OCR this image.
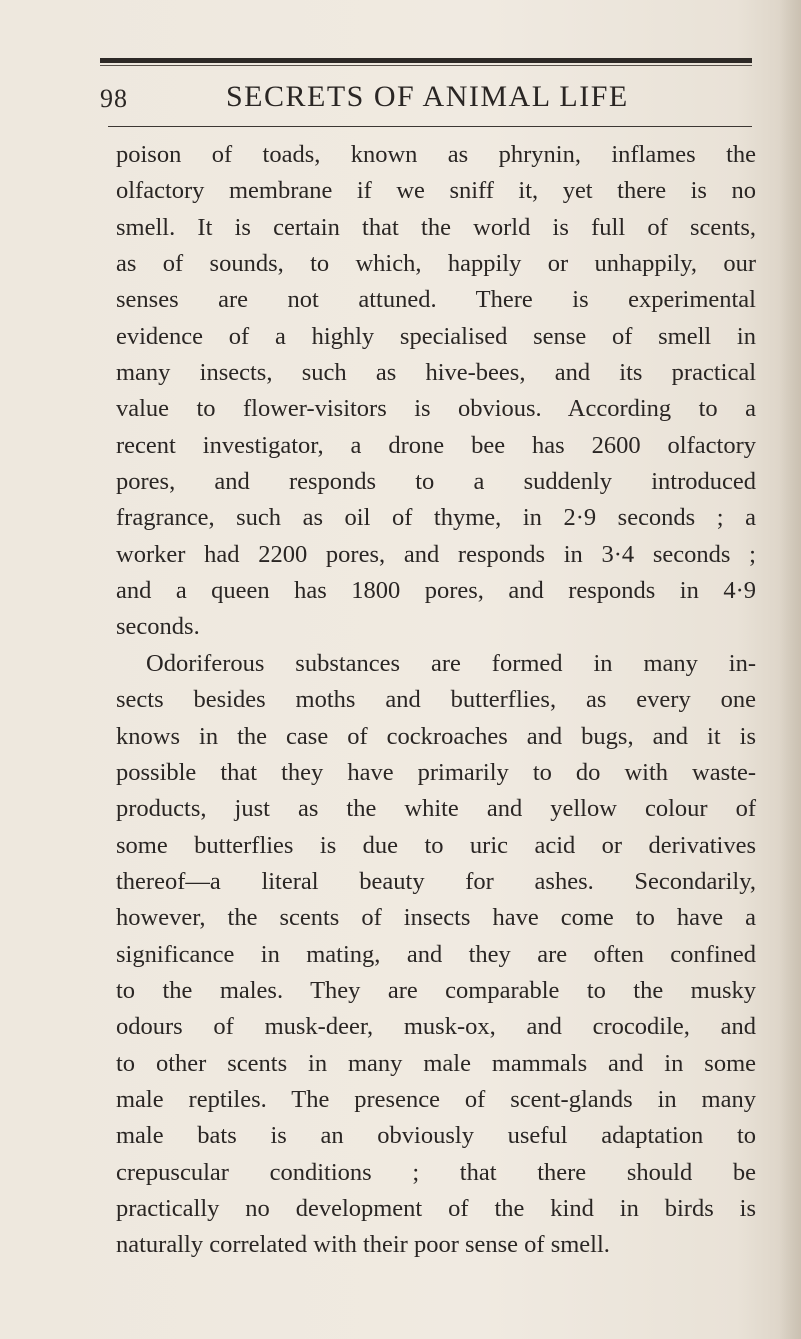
98	SECRETS OF ANIMAL LIFE
poison of toads, known as phrynin, inflames the
olfactory membrane if we sniff it, yet there is no
smell. It is certain that the world is full of scents,
as of sounds, to which, happily or unhappily, our
senses are not attuned. There is experimental
evidence of a highly specialised sense of smell in
many insects, such as hive-bees, and its practical
value to flower-visitors is obvious. According to a
recent investigator, a drone bee has 2600 olfactory
pores, and responds to a suddenly introduced
fragrance, such as oil of thyme, in 2·9 seconds ; a
worker had 2200 pores, and responds in 3·4 seconds ;
and a queen has 1800 pores, and responds in 4·9
seconds.
Odoriferous substances are formed in many in-
sects besides moths and butterflies, as every one
knows in the case of cockroaches and bugs, and it is
possible that they have primarily to do with waste-
products, just as the white and yellow colour of
some butterflies is due to uric acid or derivatives
thereof—a literal beauty for ashes. Secondarily,
however, the scents of insects have come to have a
significance in mating, and they are often confined
to the males. They are comparable to the musky
odours of musk-deer, musk-ox, and crocodile, and
to other scents in many male mammals and in some
male reptiles. The presence of scent-glands in many
male bats is an obviously useful adaptation to
crepuscular conditions ; that there should be
practically no development of the kind in birds is
naturally correlated with their poor sense of smell.
